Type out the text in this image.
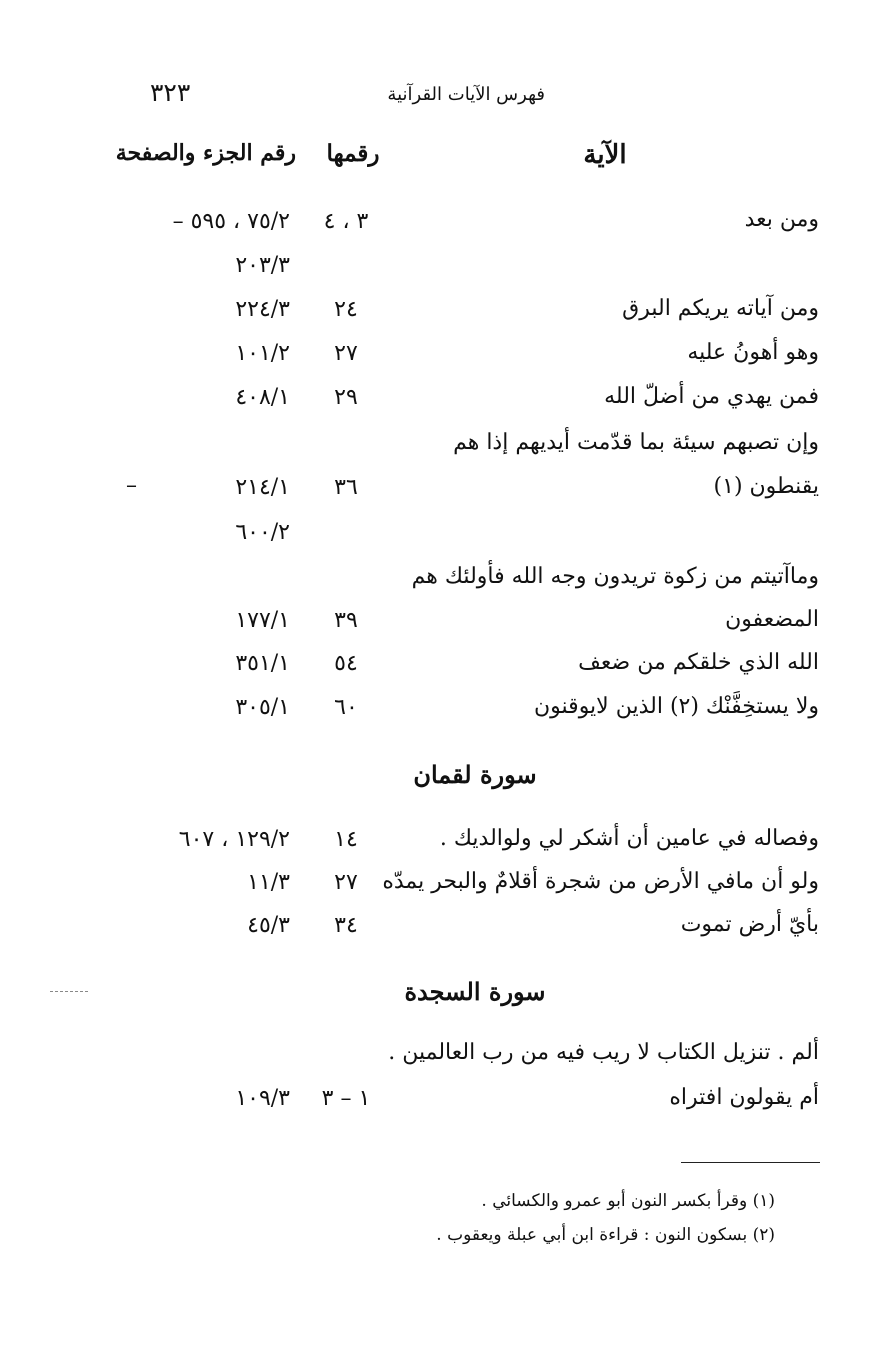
٣٢٣	فهرس الآيات القرآنية
الآية
رقمها
رقم الجزء والصفحة
ومن بعد
٣ ، ٤
٧٥/٢ ، ٥٩٥ –
٢٠٣/٣
ومن آياته يريكم البرق
٢٤
٢٢٤/٣
وهو أهونُ عليه
٢٧
١٠١/٢
فمن يهدي من أضلّ الله
٢٩
٤٠٨/١
وإن تصبهم سيئة بما قدّمت أيديهم إذا هم
يقنطون (١)
٣٦
٢١٤/١
–
٦٠٠/٢
وماآتيتم من زكوة تريدون وجه الله فأولئك هم
المضعفون
٣٩
١٧٧/١
الله الذي خلقكم من ضعف
٥٤
٣٥١/١
ولا يستخِفَّنْك (٢) الذين لايوقنون
٦٠
٣٠٥/١
سورة لقمان
وفصاله في عامين أن أشكر لي ولوالديك .
١٤
١٢٩/٢ ، ٦٠٧
ولو أن مافي الأرض من شجرة أقلامٌ والبحر يمدّه
٢٧
١١/٣
بأيّ أرض تموت
٣٤
٤٥/٣
سورة السجدة
ألم . تنزيل الكتاب لا ريب فيه من رب العالمين .
أم يقولون افتراه
١ – ٣
١٠٩/٣
(١) وقرأ بكسر النون أبو عمرو والكسائي .
(٢) بسكون النون : قراءة ابن أبي عبلة ويعقوب .
